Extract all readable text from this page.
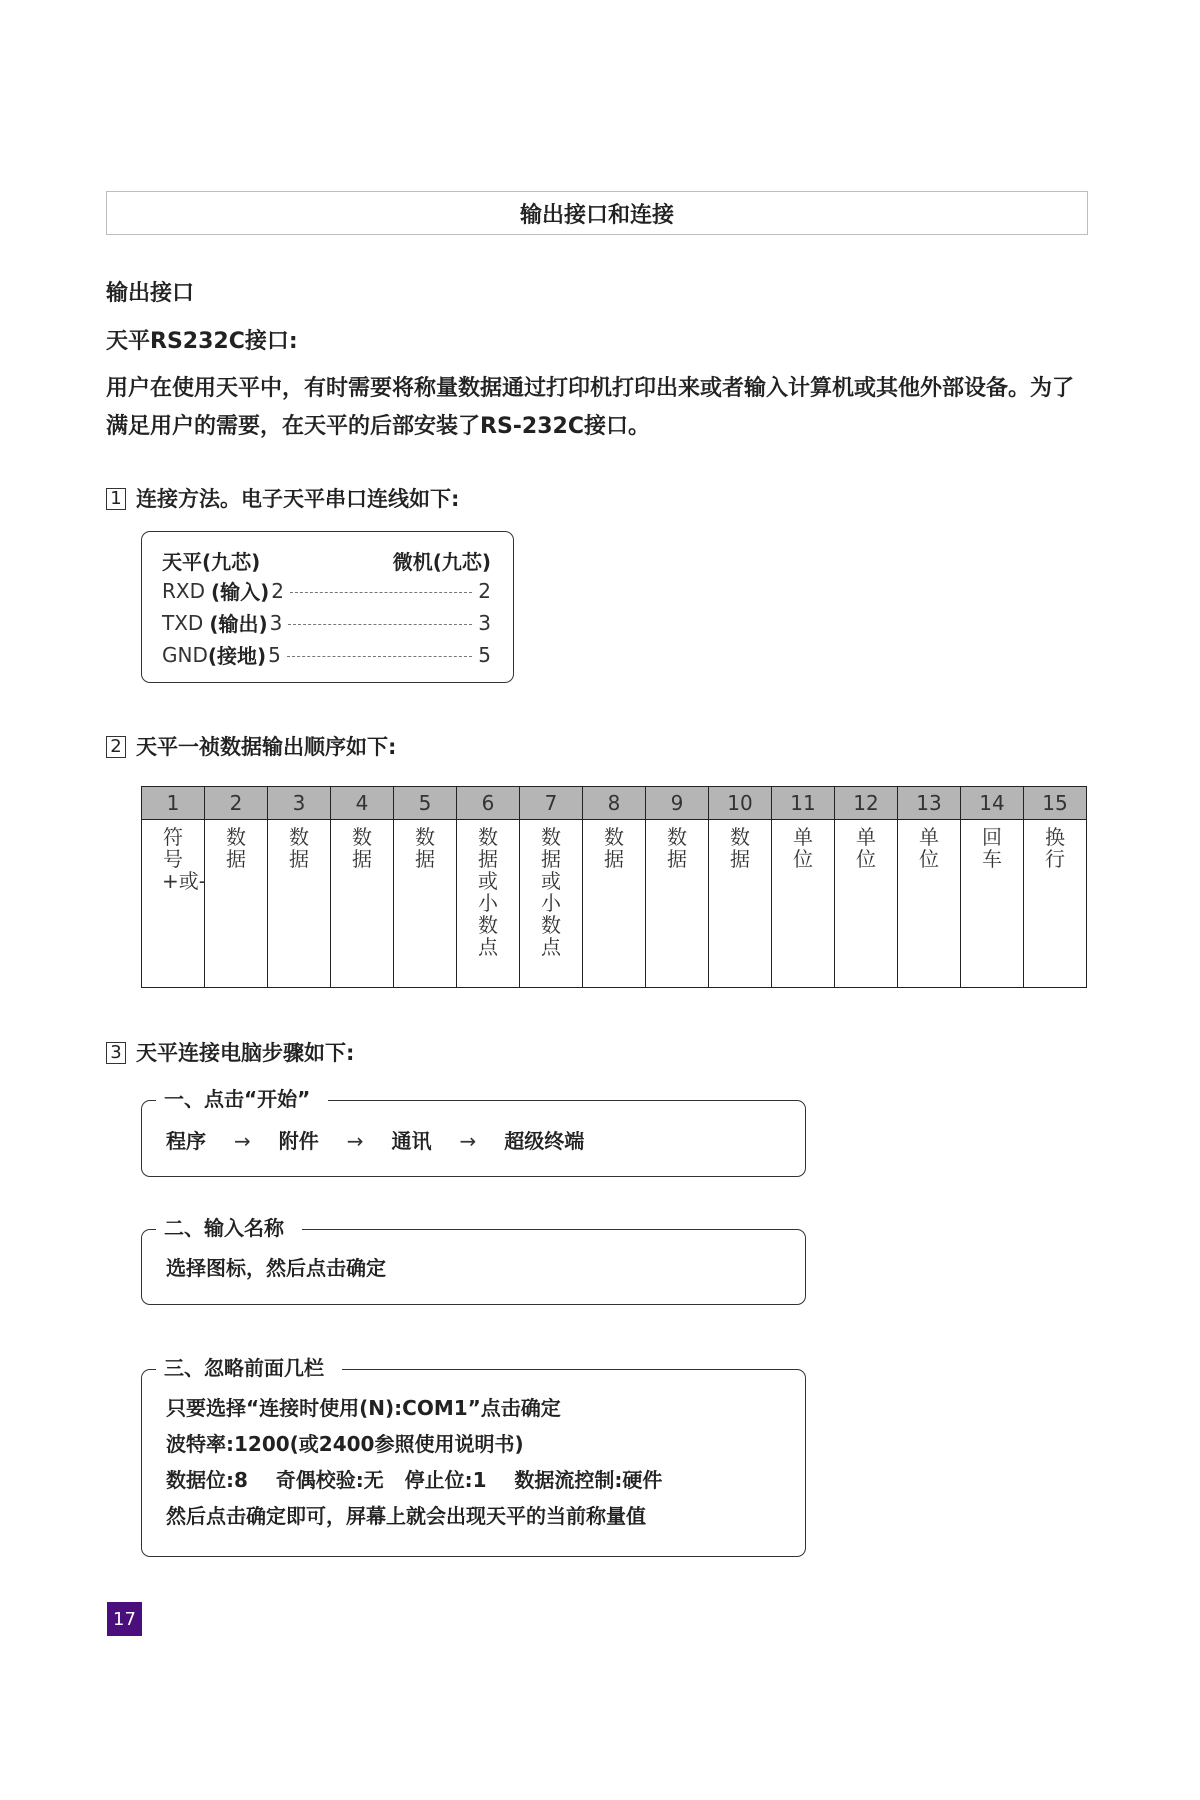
输出接口和连接
输出接口
天平RS232C接口:
用户在使用天平中，有时需要将称量数据通过打印机打印出来或者输入计算机或其他外部设备。为了满足用户的需要，在天平的后部安装了RS-232C接口。
1 连接方法。电子天平串口连线如下:
天平(九芯)	微机(九芯)
RXD (输入) 2	2
TXD (输出) 3	3
GND (接地) 5	5
2 天平一祯数据输出顺序如下:
1	2	3	4	5	6	7	8	9	10	11	12	13	14	15
符号+或-	数据	数据	数据	数据	数据或小数点	数据或小数点	数据	数据	数据	单位	单位	单位	回车	换行
3 天平连接电脑步骤如下:
一、点击“开始”
程序 → 附件 → 通讯 → 超级终端
二、输入名称
选择图标，然后点击确定
三、忽略前面几栏
只要选择“连接时使用(N):COM1”点击确定
波特率:1200(或2400参照使用说明书)
数据位:8    奇偶校验:无   停止位:1    数据流控制:硬件
然后点击确定即可，屏幕上就会出现天平的当前称量值
17
